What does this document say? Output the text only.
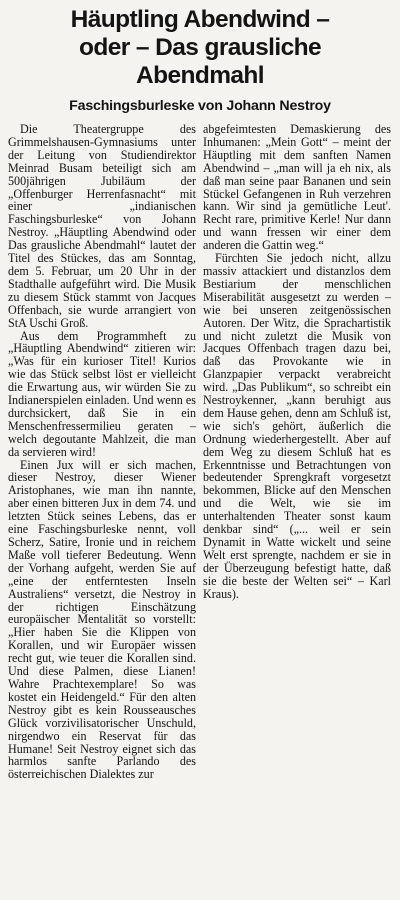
Häuptling Abendwind –
oder – Das grausliche
Abendmahl
Faschingsburleske von Johann Nestroy

Die Theatergruppe des Grimmelshausen-Gymnasiums unter der Leitung von Studiendirektor Meinrad Busam beteiligt sich am 500jährigen Jubiläum der „Offenburger Herrenfasnacht“ mit einer „indianischen Faschingsburleske“ von Johann Nestroy. „Häuptling Abendwind oder Das grausliche Abendmahl“ lautet der Titel des Stückes, das am Sonntag, dem 5. Februar, um 20 Uhr in der Stadthalle aufgeführt wird. Die Musik zu diesem Stück stammt von Jacques Offenbach, sie wurde arrangiert von StA Uschi Groß.

Aus dem Programmheft zu „Häuptling Abendwind“ zitieren wir: „Was für ein kurioser Titel! Kurios wie das Stück selbst löst er vielleicht die Erwartung aus, wir würden Sie zu Indianerspielen einladen. Und wenn es durchsickert, daß Sie in ein Menschenfressermilieu geraten – welch degoutante Mahlzeit, die man da servieren wird!

Einen Jux will er sich machen, dieser Nestroy, dieser Wiener Aristophanes, wie man ihn nannte, aber einen bitteren Jux in dem 74. und letzten Stück seines Lebens, das er eine Faschingsburleske nennt, voll Scherz, Satire, Ironie und in reichem Maße voll tieferer Bedeutung. Wenn der Vorhang aufgeht, werden Sie auf „eine der entferntesten Inseln Australiens“ versetzt, die Nestroy in der richtigen Einschätzung europäischer Mentalität so vorstellt: „Hier haben Sie die Klippen von Korallen, und wir Europäer wissen recht gut, wie teuer die Korallen sind. Und diese Palmen, diese Lianen! Wahre Prachtexemplare! So was kostet ein Heidengeld.“ Für den alten Nestroy gibt es kein Rousseausches Glück vorzivilisatorischer Unschuld, nirgendwo ein Reservat für das Humane! Seit Nestroy eignet sich das harmlos sanfte Parlando des österreichischen Dialektes zur

abgefeimtesten Demaskierung des Inhumanen: „Mein Gott“ – meint der Häuptling mit dem sanften Namen Abendwind – „man will ja eh nix, als daß man seine paar Bananen und sein Stückel Gefangenen in Ruh verzehren kann. Wir sind ja gemütliche Leut'. Recht rare, primitive Kerle! Nur dann und wann fressen wir einer dem anderen die Gattin weg.“

Fürchten Sie jedoch nicht, allzu massiv attackiert und distanzlos dem Bestiarium der menschlichen Miserabilität ausgesetzt zu werden – wie bei unseren zeitgenössischen Autoren. Der Witz, die Sprachartistik und nicht zuletzt die Musik von Jacques Offenbach tragen dazu bei, daß das Provokante wie in Glanzpapier verpackt verabreicht wird. „Das Publikum“, so schreibt ein Nestroykenner, „kann beruhigt aus dem Hause gehen, denn am Schluß ist, wie sich's gehört, äußerlich die Ordnung wiederhergestellt. Aber auf dem Weg zu diesem Schluß hat es Erkenntnisse und Betrachtungen von bedeutender Sprengkraft vorgesetzt bekommen, Blicke auf den Menschen und die Welt, wie sie im unterhaltenden Theater sonst kaum denkbar sind“ („... weil er sein Dynamit in Watte wickelt und seine Welt erst sprengte, nachdem er sie in der Überzeugung befestigt hatte, daß sie die beste der Welten sei“ – Karl Kraus).
